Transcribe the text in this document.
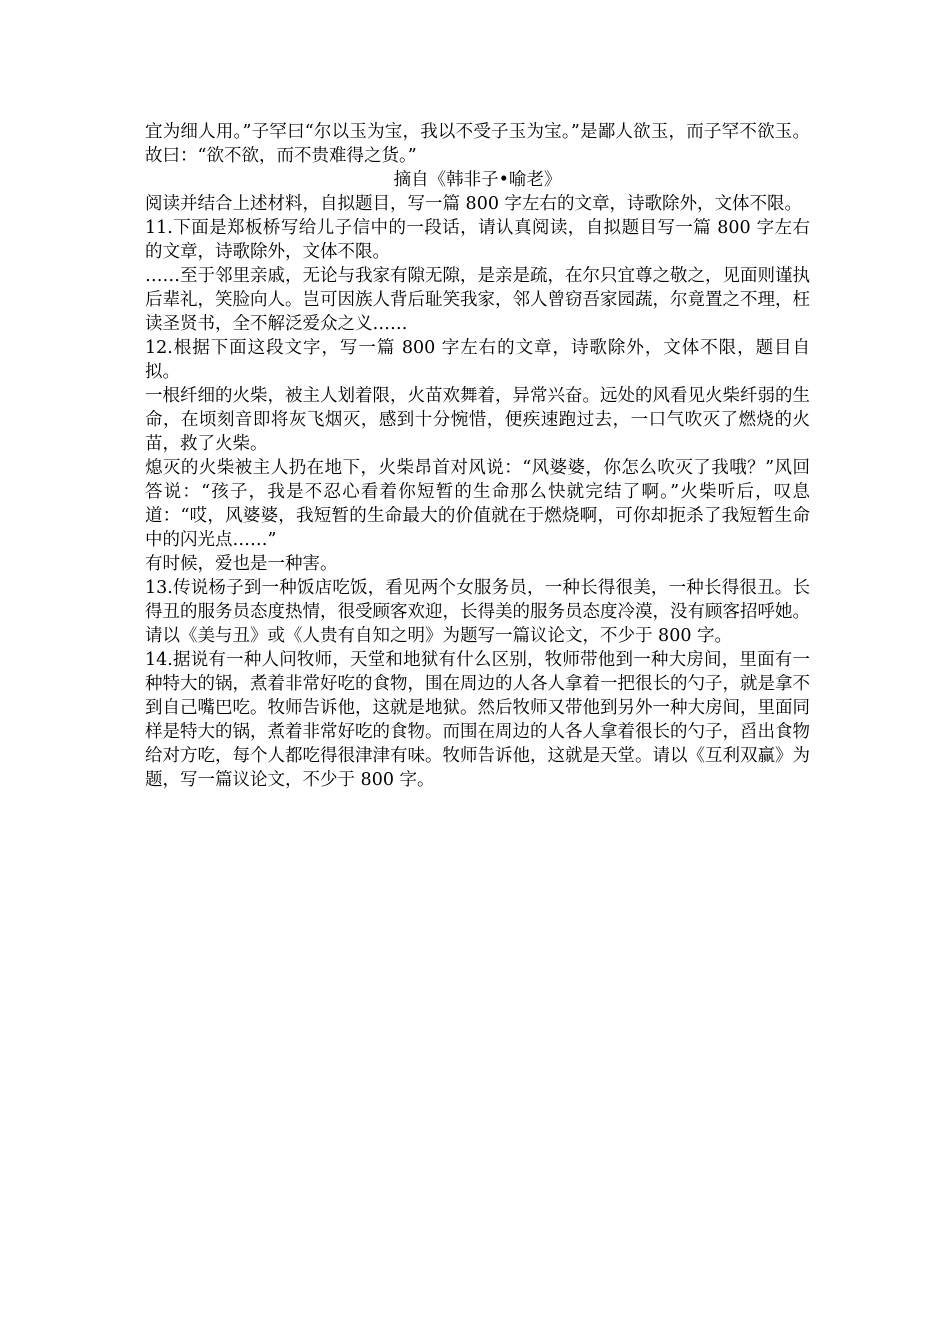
宜为细人用。”子罕曰“尔以玉为宝，我以不受子玉为宝。”是鄙人欲玉，而子罕不欲玉。故曰：“欲不欲，而不贵难得之货。”

摘自《韩非子•喻老》

阅读并结合上述材料，自拟题目，写一篇 800 字左右的文章，诗歌除外，文体不限。

11.下面是郑板桥写给儿子信中的一段话，请认真阅读，自拟题目写一篇 800 字左右的文章，诗歌除外，文体不限。

……至于邻里亲戚，无论与我家有隙无隙，是亲是疏，在尔只宜尊之敬之，见面则谨执后辈礼，笑脸向人。岂可因族人背后耻笑我家，邻人曾窃吾家园蔬，尔竟置之不理，枉读圣贤书，全不解泛爱众之义……

12.根据下面这段文字，写一篇 800 字左右的文章，诗歌除外，文体不限，题目自拟。

一根纤细的火柴，被主人划着限，火苗欢舞着，异常兴奋。远处的风看见火柴纤弱的生命，在顷刻音即将灰飞烟灭，感到十分惋惜，便疾速跑过去，一口气吹灭了燃烧的火苗，救了火柴。

熄灭的火柴被主人扔在地下，火柴昂首对风说：“风婆婆，你怎么吹灭了我哦？”风回答说：“孩子，我是不忍心看着你短暂的生命那么快就完结了啊。”火柴听后，叹息道：“哎，风婆婆，我短暂的生命最大的价值就在于燃烧啊，可你却扼杀了我短暂生命中的闪光点……”

有时候，爱也是一种害。

13.传说杨子到一种饭店吃饭，看见两个女服务员，一种长得很美，一种长得很丑。长得丑的服务员态度热情，很受顾客欢迎，长得美的服务员态度冷漠，没有顾客招呼她。请以《美与丑》或《人贵有自知之明》为题写一篇议论文，不少于 800 字。

14.据说有一种人问牧师，天堂和地狱有什么区别，牧师带他到一种大房间，里面有一种特大的锅，煮着非常好吃的食物，围在周边的人各人拿着一把很长的勺子，就是拿不到自己嘴巴吃。牧师告诉他，这就是地狱。然后牧师又带他到另外一种大房间，里面同样是特大的锅，煮着非常好吃的食物。而围在周边的人各人拿着很长的勺子，舀出食物给对方吃，每个人都吃得很津津有味。牧师告诉他，这就是天堂。请以《互利双赢》为题，写一篇议论文，不少于 800 字。
